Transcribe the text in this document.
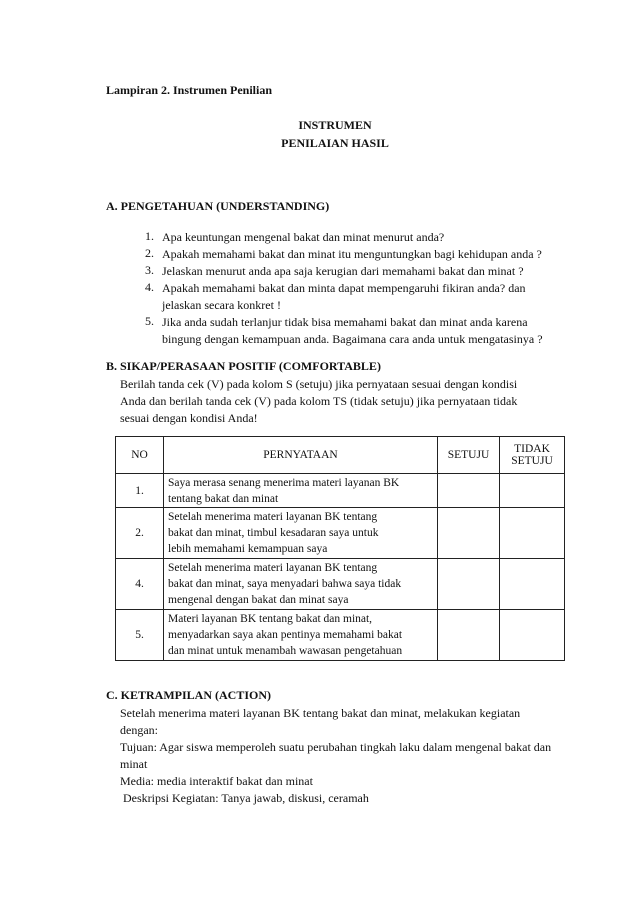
Lampiran 2. Instrumen Penilian
INSTRUMEN
PENILAIAN HASIL
A. PENGETAHUAN (UNDERSTANDING)
1. Apa keuntungan mengenal bakat dan minat menurut anda?
2. Apakah memahami bakat dan minat itu menguntungkan bagi kehidupan anda ?
3. Jelaskan menurut anda apa saja kerugian dari memahami bakat dan minat ?
4. Apakah memahami bakat dan minta dapat mempengaruhi fikiran anda? dan
jelaskan secara konkret !
5. Jika anda sudah terlanjur tidak bisa memahami bakat dan minat anda karena
bingung dengan kemampuan anda. Bagaimana cara anda untuk mengatasinya ?
B. SIKAP/PERASAAN POSITIF (COMFORTABLE)
Berilah tanda cek (V) pada kolom S (setuju) jika pernyataan sesuai dengan kondisi
Anda dan berilah tanda cek (V) pada kolom TS (tidak setuju) jika pernyataan tidak
sesuai dengan kondisi Anda!
NO	PERNYATAAN	SETUJU	TIDAK
SETUJU

1.	Saya merasa senang menerima materi layanan BK
tentang bakat dan minat		

2.	Setelah menerima materi layanan BK tentang
bakat dan minat, timbul kesadaran saya untuk
lebih memahami kemampuan saya		

4.	Setelah menerima materi layanan BK tentang
bakat dan minat, saya menyadari bahwa saya tidak
mengenal dengan bakat dan minat saya		

5.	Materi layanan BK tentang bakat dan minat,
menyadarkan saya akan pentinya memahami bakat
dan minat untuk menambah wawasan pengetahuan		

C. KETRAMPILAN (ACTION)
Setelah menerima materi layanan BK tentang bakat dan minat, melakukan kegiatan
dengan:
Tujuan: Agar siswa memperoleh suatu perubahan tingkah laku dalam mengenal bakat dan
minat
Media: media interaktif bakat dan minat
Deskripsi Kegiatan: Tanya jawab, diskusi, ceramah
